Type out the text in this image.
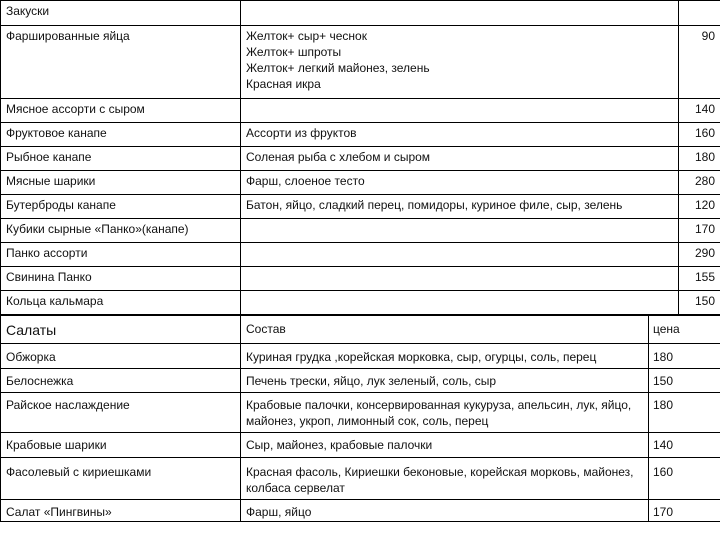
Закуски		
Фаршированные яйца	Желток+ сыр+ чеснок
Желток+ шпроты
Желток+ легкий майонез, зелень
Красная икра	90
Мясное ассорти с сыром		140
Фруктовое канапе	Ассорти из фруктов	160
Рыбное канапе	Соленая рыба с хлебом и сыром	180
Мясные шарики	Фарш, слоеное тесто	280
Бутерброды канапе	Батон, яйцо, сладкий перец, помидоры, куриное филе, сыр, зелень	120
Кубики сырные «Панко»(канапе)		170
Панко ассорти		290
Свинина Панко		155
Кольца кальмара		150
Салаты	Состав	цена
Обжорка	Куриная грудка ,корейская морковка, сыр, огурцы, соль, перец	180
Белоснежка	Печень трески, яйцо, лук зеленый, соль, сыр	150
Райское наслаждение	Крабовые палочки, консервированная кукуруза, апельсин, лук, яйцо, майонез, укроп, лимонный сок, соль, перец	180
Крабовые шарики	Сыр, майонез, крабовые палочки	140
Фасолевый с кириешками	Красная фасоль, Кириешки беконовые, корейская морковь, майонез, колбаса сервелат	160
Салат «Пингвины»	Фарш, яйцо	170
